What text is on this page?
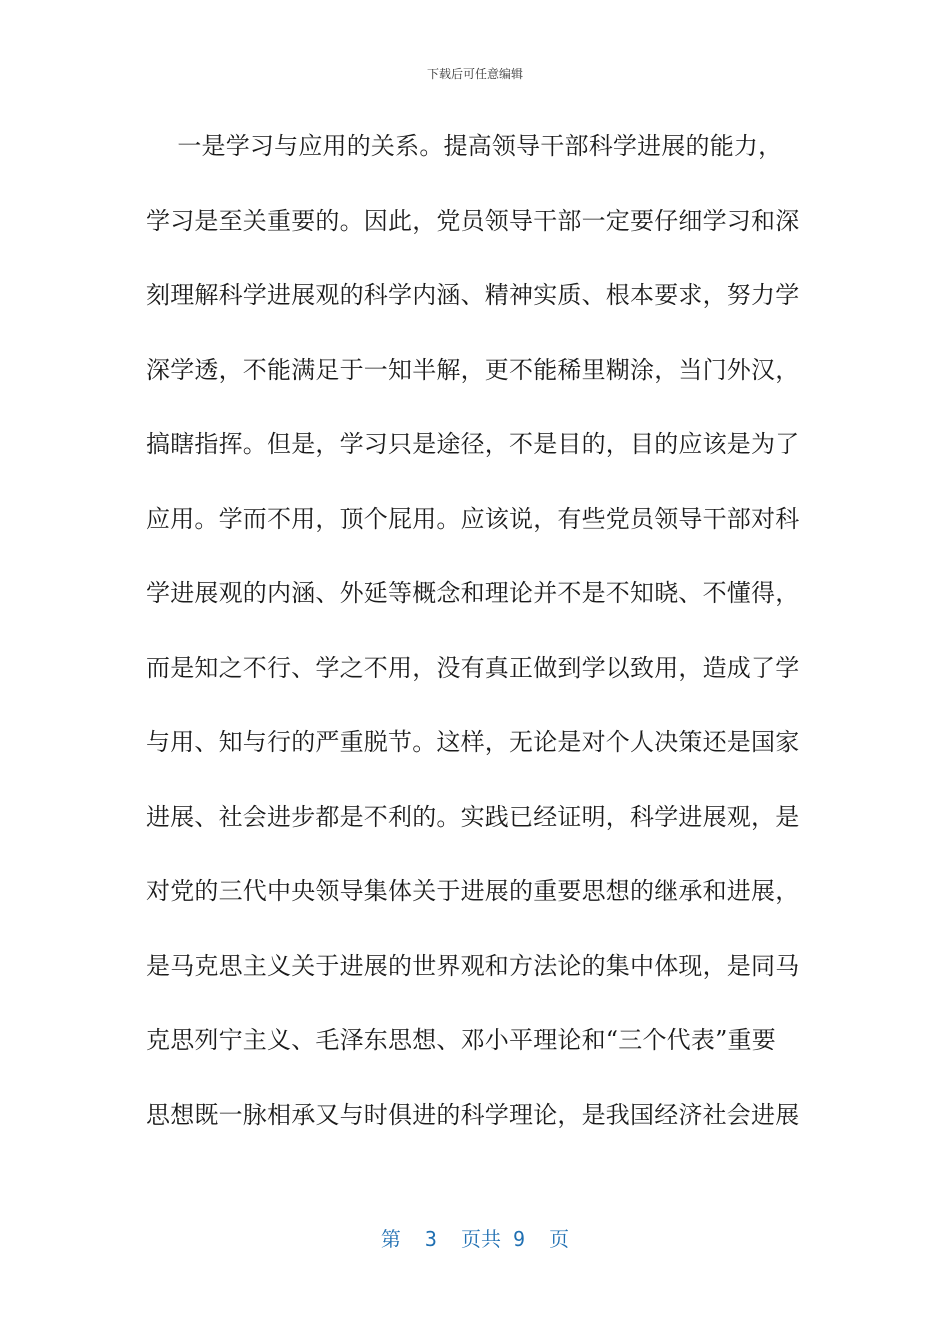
下载后可任意编辑
一是学习与应用的关系。提高领导干部科学进展的能力，
学习是至关重要的。因此，党员领导干部一定要仔细学习和深
刻理解科学进展观的科学内涵、精神实质、根本要求，努力学
深学透，不能满足于一知半解，更不能稀里糊涂，当门外汉，
搞瞎指挥。但是，学习只是途径，不是目的，目的应该是为了
应用。学而不用，顶个屁用。应该说，有些党员领导干部对科
学进展观的内涵、外延等概念和理论并不是不知晓、不懂得，
而是知之不行、学之不用，没有真正做到学以致用，造成了学
与用、知与行的严重脱节。这样，无论是对个人决策还是国家
进展、社会进步都是不利的。实践已经证明，科学进展观，是
对党的三代中央领导集体关于进展的重要思想的继承和进展，
是马克思主义关于进展的世界观和方法论的集中体现，是同马
克思列宁主义、毛泽东思想、邓小平理论和“三个代表”重要
思想既一脉相承又与时俱进的科学理论，是我国经济社会进展
第  3  页共 9  页
